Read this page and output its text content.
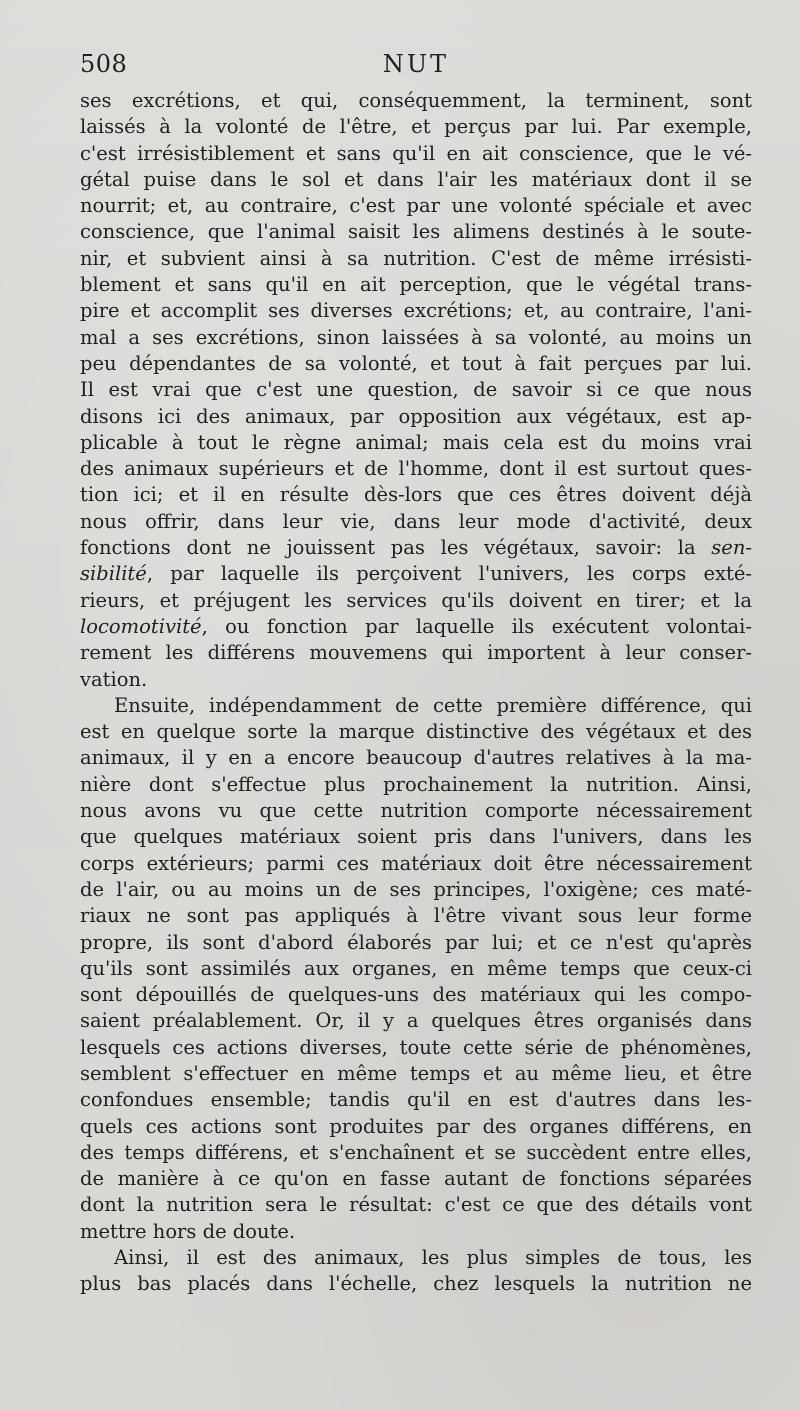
508	NUT
ses excrétions, et qui, conséquemment, la terminent, sont
laissés à la volonté de l'être, et perçus par lui. Par exemple,
c'est irrésistiblement et sans qu'il en ait conscience, que le vé-
gétal puise dans le sol et dans l'air les matériaux dont il se
nourrit; et, au contraire, c'est par une volonté spéciale et avec
conscience, que l'animal saisit les alimens destinés à le soute-
nir, et subvient ainsi à sa nutrition. C'est de même irrésisti-
blement et sans qu'il en ait perception, que le végétal trans-
pire et accomplit ses diverses excrétions; et, au contraire, l'ani-
mal a ses excrétions, sinon laissées à sa volonté, au moins un
peu dépendantes de sa volonté, et tout à fait perçues par lui.
Il est vrai que c'est une question, de savoir si ce que nous
disons ici des animaux, par opposition aux végétaux, est ap-
plicable à tout le règne animal; mais cela est du moins vrai
des animaux supérieurs et de l'homme, dont il est surtout ques-
tion ici; et il en résulte dès-lors que ces êtres doivent déjà
nous offrir, dans leur vie, dans leur mode d'activité, deux
fonctions dont ne jouissent pas les végétaux, savoir: la sen-
sibilité, par laquelle ils perçoivent l'univers, les corps exté-
rieurs, et préjugent les services qu'ils doivent en tirer; et la
locomotivité, ou fonction par laquelle ils exécutent volontai-
rement les différens mouvemens qui importent à leur conser-
vation.
Ensuite, indépendamment de cette première différence, qui
est en quelque sorte la marque distinctive des végétaux et des
animaux, il y en a encore beaucoup d'autres relatives à la ma-
nière dont s'effectue plus prochainement la nutrition. Ainsi,
nous avons vu que cette nutrition comporte nécessairement
que quelques matériaux soient pris dans l'univers, dans les
corps extérieurs; parmi ces matériaux doit être nécessairement
de l'air, ou au moins un de ses principes, l'oxigène; ces maté-
riaux ne sont pas appliqués à l'être vivant sous leur forme
propre, ils sont d'abord élaborés par lui; et ce n'est qu'après
qu'ils sont assimilés aux organes, en même temps que ceux-ci
sont dépouillés de quelques-uns des matériaux qui les compo-
saient préalablement. Or, il y a quelques êtres organisés dans
lesquels ces actions diverses, toute cette série de phénomènes,
semblent s'effectuer en même temps et au même lieu, et être
confondues ensemble; tandis qu'il en est d'autres dans les-
quels ces actions sont produites par des organes différens, en
des temps différens, et s'enchaînent et se succèdent entre elles,
de manière à ce qu'on en fasse autant de fonctions séparées
dont la nutrition sera le résultat: c'est ce que des détails vont
mettre hors de doute.
Ainsi, il est des animaux, les plus simples de tous, les
plus bas placés dans l'échelle, chez lesquels la nutrition ne
